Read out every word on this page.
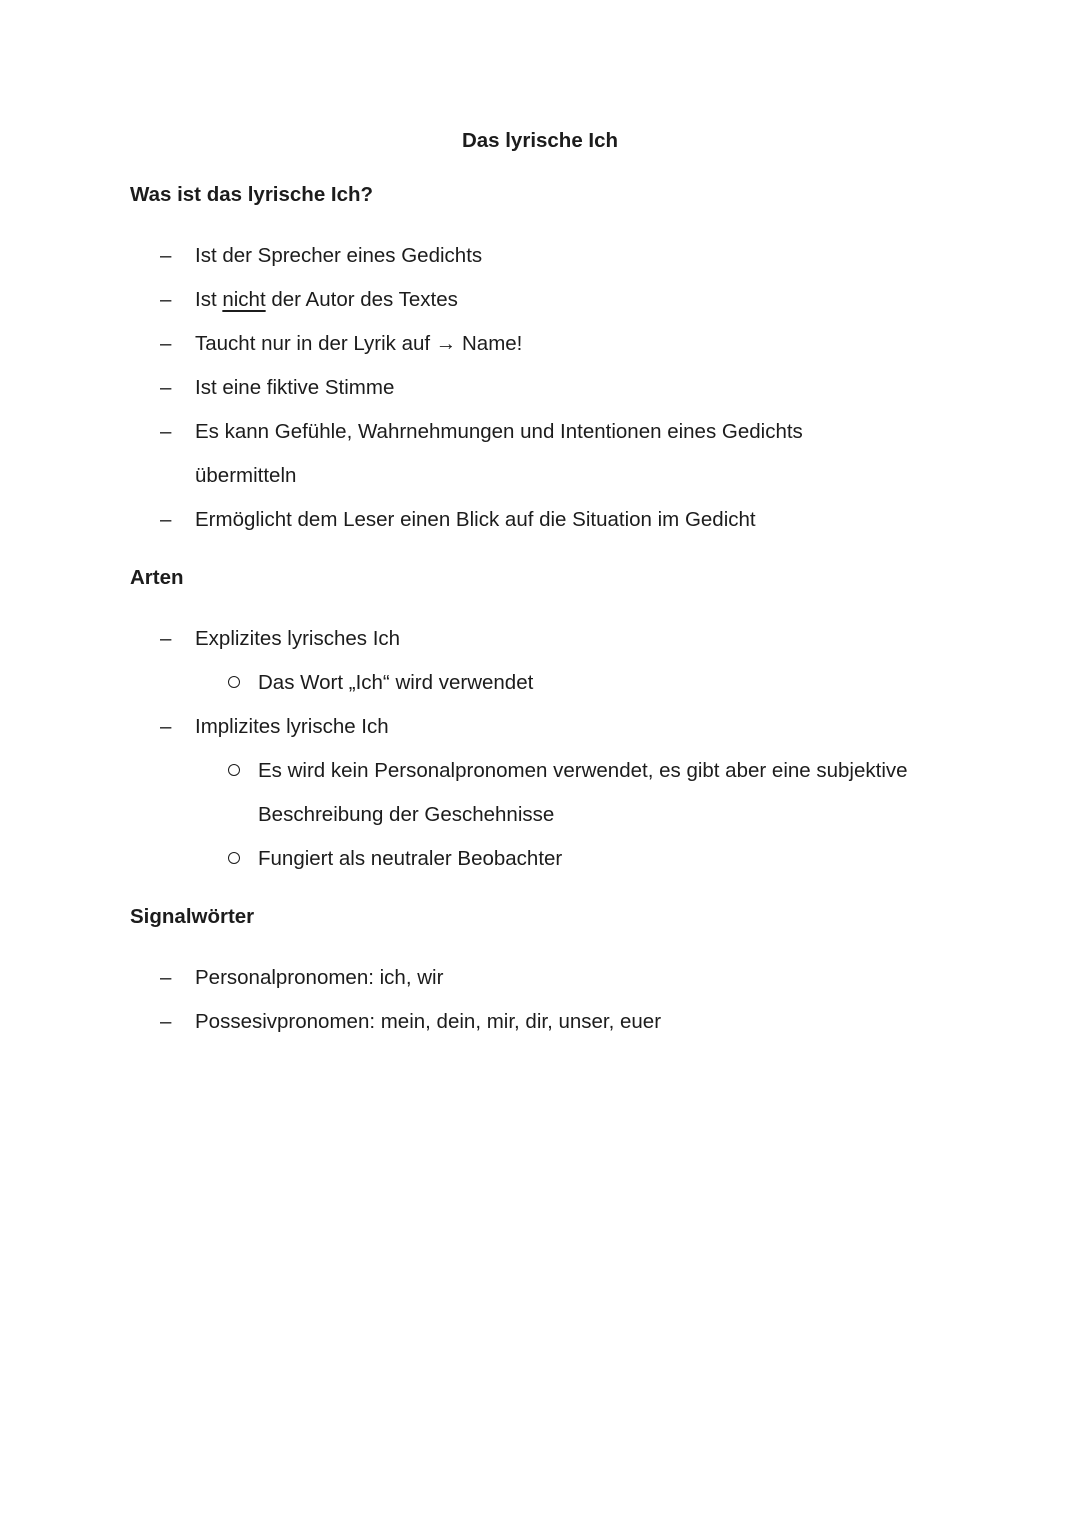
Das lyrische Ich
Was ist das lyrische Ich?
–	Ist der Sprecher eines Gedichts
–	Ist nicht der Autor des Textes
–	Taucht nur in der Lyrik auf → Name!
–	Ist eine fiktive Stimme
–	Es kann Gefühle, Wahrnehmungen und Intentionen eines Gedichts
übermitteln
–	Ermöglicht dem Leser einen Blick auf die Situation im Gedicht
Arten
–	Explizites lyrisches Ich
Das Wort „Ich“ wird verwendet
–	Implizites lyrische Ich
Es wird kein Personalpronomen verwendet, es gibt aber eine subjektive
Beschreibung der Geschehnisse
Fungiert als neutraler Beobachter
Signalwörter
–	Personalpronomen: ich, wir
–	Possesivpronomen: mein, dein, mir, dir, unser, euer
